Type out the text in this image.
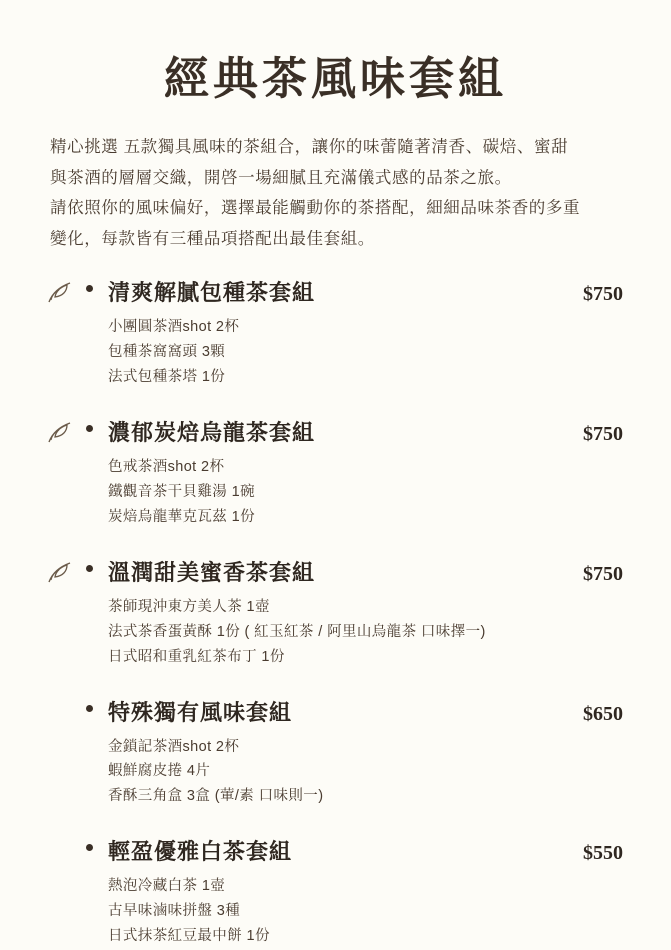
經典茶風味套組

精心挑選 五款獨具風味的茶組合，讓你的味蕾隨著清香、碳焙、蜜甜

與茶酒的層層交織，開啓一場細膩且充滿儀式感的品茶之旅。

請依照你的風味偏好，選擇最能觸動你的茶搭配，細細品味茶香的多重

變化，每款皆有三種品項搭配出最佳套組。

清爽解膩包種茶套組	$750
小團圓茶酒shot 2杯
包種茶窩窩頭 3顆
法式包種茶塔 1份
濃郁炭焙烏龍茶套組	$750
色戒茶酒shot 2杯
鐵觀音茶干貝雞湯 1碗
炭焙烏龍華克瓦茲 1份
溫潤甜美蜜香茶套組	$750
茶師現沖東方美人茶 1壺
法式茶香蛋黃酥 1份 ( 紅玉紅茶 / 阿里山烏龍茶 口味擇一)
日式昭和重乳紅茶布丁 1份
特殊獨有風味套組	$650
金鎖記茶酒shot 2杯
蝦鮮腐皮捲 4片
香酥三角盒 3盒 (葷/素 口味則一)
輕盈優雅白茶套組	$550
熱泡冷藏白茶 1壺
古早味滷味拼盤 3種
日式抹茶紅豆最中餅 1份
